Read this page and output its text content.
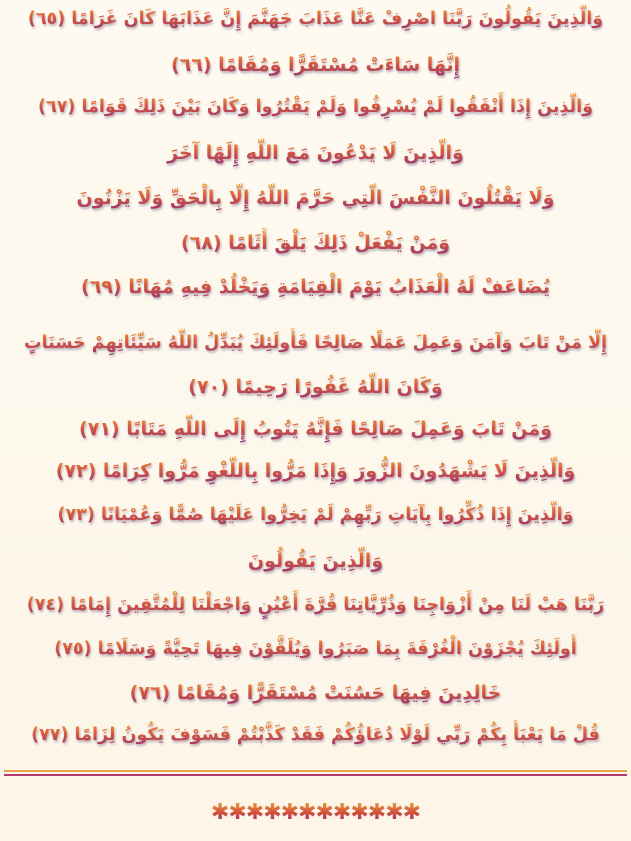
وَالَّذِينَ يَقُولُونَ رَبَّنَا اصْرِفْ عَنَّا عَذَابَ جَهَنَّمَ إِنَّ عَذَابَهَا كَانَ غَرَامًا (٦٥)
إِنَّهَا سَاءَتْ مُسْتَقَرًّا وَمُقَامًا (٦٦)
وَالَّذِينَ إِذَا أَنْفَقُوا لَمْ يُسْرِفُوا وَلَمْ يَقْتُرُوا وَكَانَ بَيْنَ ذَلِكَ قَوَامًا (٦٧)
وَالَّذِينَ لَا يَدْعُونَ مَعَ اللَّهِ إِلَهًا آخَرَ
وَلَا يَقْتُلُونَ النَّفْسَ الَّتِي حَرَّمَ اللَّهُ إِلَّا بِالْحَقِّ وَلَا يَزْنُونَ
وَمَنْ يَفْعَلْ ذَلِكَ يَلْقَ أَثَامًا (٦٨)
يُضَاعَفْ لَهُ الْعَذَابُ يَوْمَ الْقِيَامَةِ وَيَخْلُدْ فِيهِ مُهَانًا (٦٩)
إِلَّا مَنْ تَابَ وَآمَنَ وَعَمِلَ عَمَلًا صَالِحًا فَأُولَئِكَ يُبَدِّلُ اللَّهُ سَيِّئَاتِهِمْ حَسَنَاتٍ
وَكَانَ اللَّهُ غَفُورًا رَحِيمًا (٧٠)
وَمَنْ تَابَ وَعَمِلَ صَالِحًا فَإِنَّهُ يَتُوبُ إِلَى اللَّهِ مَتَابًا (٧١)
وَالَّذِينَ لَا يَشْهَدُونَ الزُّورَ وَإِذَا مَرُّوا بِاللَّغْوِ مَرُّوا كِرَامًا (٧٢)
وَالَّذِينَ إِذَا ذُكِّرُوا بِآيَاتِ رَبِّهِمْ لَمْ يَخِرُّوا عَلَيْهَا صُمًّا وَعُمْيَانًا (٧٣)
وَالَّذِينَ يَقُولُونَ
رَبَّنَا هَبْ لَنَا مِنْ أَزْوَاجِنَا وَذُرِّيَّاتِنَا قُرَّةَ أَعْيُنٍ وَاجْعَلْنَا لِلْمُتَّقِينَ إِمَامًا (٧٤)
أُولَئِكَ يُجْزَوْنَ الْغُرْفَةَ بِمَا صَبَرُوا وَيُلَقَّوْنَ فِيهَا تَحِيَّةً وَسَلَامًا (٧٥)
خَالِدِينَ فِيهَا حَسُنَتْ مُسْتَقَرًّا وَمُقَامًا (٧٦)
قُلْ مَا يَعْبَأُ بِكُمْ رَبِّي لَوْلَا دُعَاؤُكُمْ فَقَدْ كَذَّبْتُمْ فَسَوْفَ يَكُونُ لِزَامًا (٧٧)
✱✱✱✱✱✱✱✱✱✱✱✱
